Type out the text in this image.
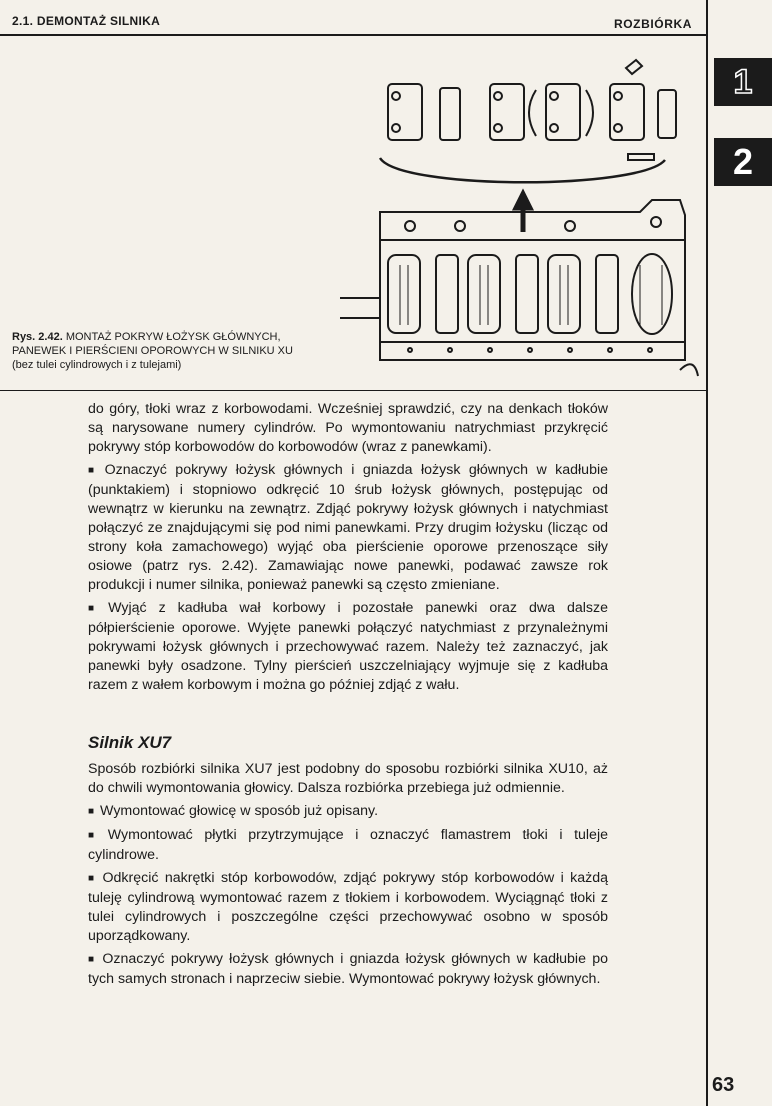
2.1. DEMONTAŻ SILNIKA	ROZBIÓRKA
1
2
Rys. 2.42. MONTAŻ POKRYW ŁOŻYSK GŁÓWNYCH,
PANEWEK I PIERŚCIENI OPOROWYCH W SILNIKU XU
(bez tulei cylindrowych i z tulejami)

do góry, tłoki wraz z korbowodami. Wcześniej sprawdzić, czy na denkach tłoków są narysowane numery cylindrów. Po wymontowaniu natrychmiast przykręcić pokrywy stóp korbowodów do korbowodów (wraz z panewkami).

■ Oznaczyć pokrywy łożysk głównych i gniazda łożysk głównych w kadłubie (punktakiem) i stopniowo odkręcić 10 śrub łożysk głównych, postępując od wewnątrz w kierunku na zewnątrz. Zdjąć pokrywy łożysk głównych i natychmiast połączyć ze znajdującymi się pod nimi panewkami. Przy drugim łożysku (licząc od strony koła zamachowego) wyjąć oba pierścienie oporowe przenoszące siły osiowe (patrz rys. 2.42). Zamawiając nowe panewki, podawać zawsze rok produkcji i numer silnika, ponieważ panewki są często zmieniane.

■ Wyjąć z kadłuba wał korbowy i pozostałe panewki oraz dwa dalsze półpierścienie oporowe. Wyjęte panewki połączyć natychmiast z przynależnymi pokrywami łożysk głównych i przechowywać razem. Należy też zaznaczyć, jak panewki były osadzone. Tylny pierścień uszczelniający wyjmuje się z kadłuba razem z wałem korbowym i można go później zdjąć z wału.

Silnik XU7

Sposób rozbiórki silnika XU7 jest podobny do sposobu rozbiórki silnika XU10, aż do chwili wymontowania głowicy. Dalsza rozbiórka przebiega już odmiennie.

■ Wymontować głowicę w sposób już opisany.

■ Wymontować płytki przytrzymujące i oznaczyć flamastrem tłoki i tuleje cylindrowe.

■ Odkręcić nakrętki stóp korbowodów, zdjąć pokrywy stóp korbowodów i każdą tuleję cylindrową wymontować razem z tłokiem i korbowodem. Wyciągnąć tłoki z tulei cylindrowych i poszczególne części przechowywać osobno w sposób uporządkowany.

■ Oznaczyć pokrywy łożysk głównych i gniazda łożysk głównych w kadłubie po tych samych stronach i naprzeciw siebie. Wymontować pokrywy łożysk głównych.

63
